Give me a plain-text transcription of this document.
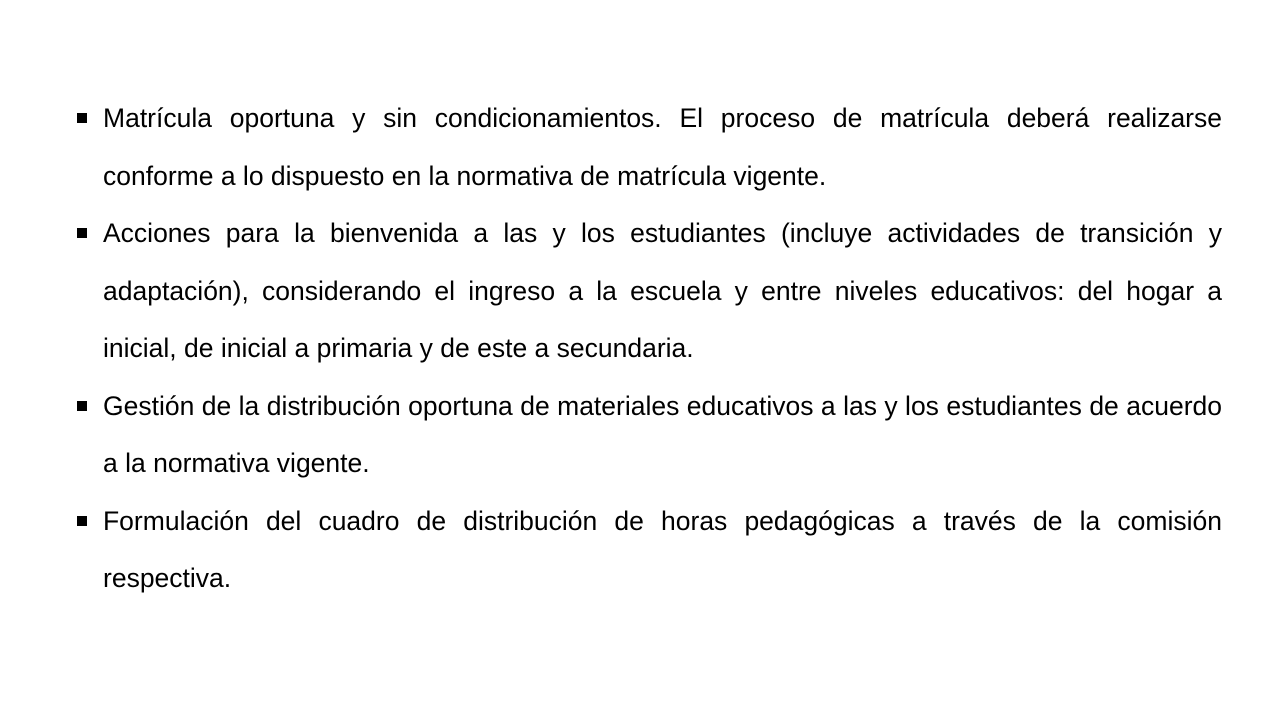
Matrícula oportuna y sin condicionamientos. El proceso de matrícula deberá realizarse conforme a lo dispuesto en la normativa de matrícula vigente.
Acciones para la bienvenida a las y los estudiantes (incluye actividades de transición y adaptación), considerando el ingreso a la escuela y entre niveles educativos: del hogar a inicial, de inicial a primaria y de este a secundaria.
Gestión de la distribución oportuna de materiales educativos a las y los estudiantes de acuerdo a la normativa vigente.
Formulación del cuadro de distribución de horas pedagógicas a través de la comisión respectiva.
